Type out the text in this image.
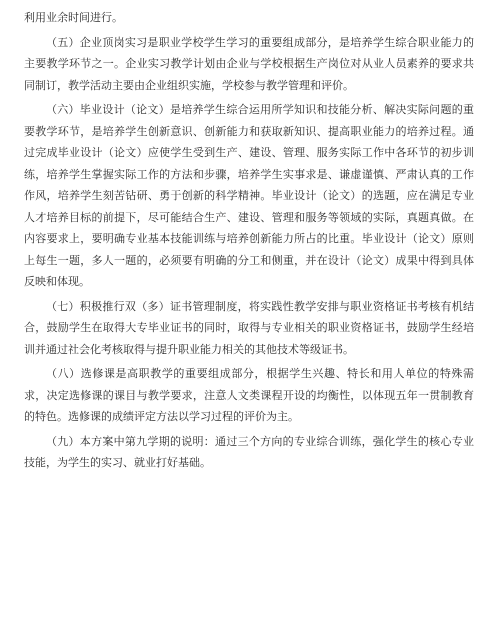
利用业余时间进行。

（五）企业顶岗实习是职业学校学生学习的重要组成部分，是培养学生综合职业能力的主要教学环节之一。企业实习教学计划由企业与学校根据生产岗位对从业人员素养的要求共同制订，教学活动主要由企业组织实施，学校参与教学管理和评价。

（六）毕业设计（论文）是培养学生综合运用所学知识和技能分析、解决实际问题的重要教学环节，是培养学生创新意识、创新能力和获取新知识、提高职业能力的培养过程。通过完成毕业设计（论文）应使学生受到生产、建设、管理、服务实际工作中各环节的初步训练，培养学生掌握实际工作的方法和步骤，培养学生实事求是、谦虚谨慎、严肃认真的工作作风，培养学生刻苦钻研、勇于创新的科学精神。毕业设计（论文）的选题，应在满足专业人才培养目标的前提下，尽可能结合生产、建设、管理和服务等领域的实际，真题真做。在内容要求上，要明确专业基本技能训练与培养创新能力所占的比重。毕业设计（论文）原则上每生一题，多人一题的，必须要有明确的分工和侧重，并在设计（论文）成果中得到具体反映和体现。

（七）积极推行双（多）证书管理制度，将实践性教学安排与职业资格证书考核有机结合，鼓励学生在取得大专毕业证书的同时，取得与专业相关的职业资格证书，鼓励学生经培训并通过社会化考核取得与提升职业能力相关的其他技术等级证书。

（八）选修课是高职教学的重要组成部分，根据学生兴趣、特长和用人单位的特殊需求，决定选修课的课目与教学要求，注意人文类课程开设的均衡性，以体现五年一贯制教育的特色。选修课的成绩评定方法以学习过程的评价为主。

（九）本方案中第九学期的说明：通过三个方向的专业综合训练，强化学生的核心专业技能，为学生的实习、就业打好基础。
